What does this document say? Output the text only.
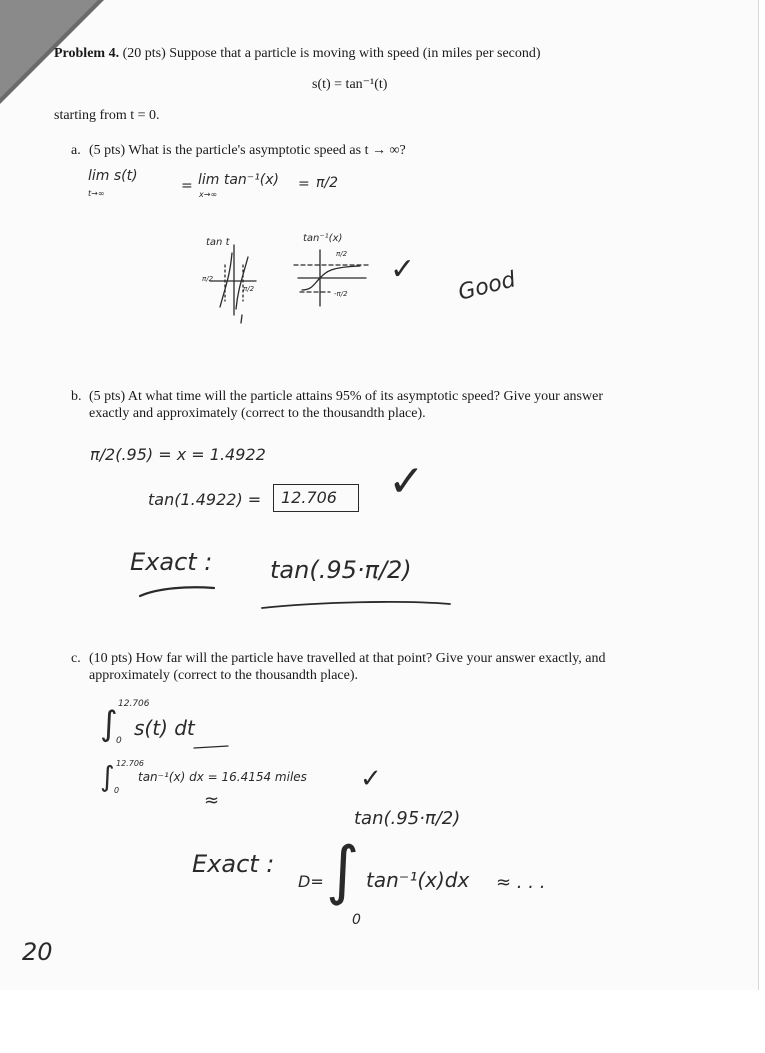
Problem 4. (20 pts) Suppose that a particle is moving with speed (in miles per second)
s(t) = tan⁻¹(t)
starting from t = 0.
a. (5 pts) What is the particle's asymptotic speed as t → ∞?
lim s(t)
t→∞	= lim tan⁻¹(x)
x→∞
= π/2
tan t
π/2
π/2
tan⁻¹(x)
π/2
-π/2
✓ Good
b. (5 pts) At what time will the particle attains 95% of its asymptotic speed? Give your answer
exactly and approximately (correct to the thousandth place).
π/2(.95) = x = 1.4922
tan(1.4922) = 12.706 ✓
Exact : tan(.95·π/2)
c. (10 pts) How far will the particle have travelled at that point? Give your answer exactly, and
approximately (correct to the thousandth place).
12.706
∫
0
s(t) dt
12.706
∫ 0
tan⁻¹(x) dx = 16.4154 miles
≈
✓
tan(.95·π/2)
Exact :
D= ∫
0
tan⁻¹(x)dx ≈ . . .
20
